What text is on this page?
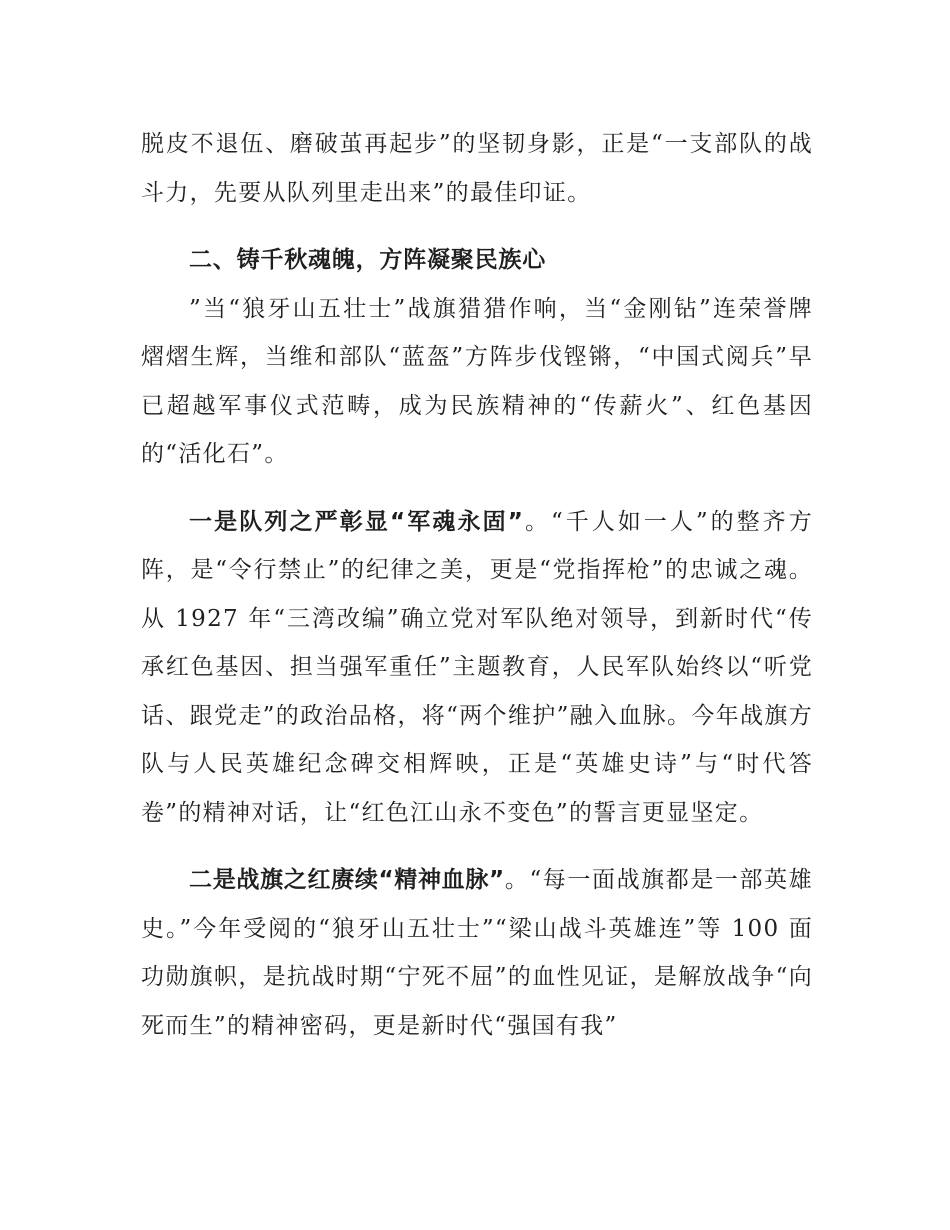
脱皮不退伍、磨破茧再起步”的坚韧身影，正是“一支部队的战斗力，先要从队列里走出来”的最佳印证。

二、铸千秋魂魄，方阵凝聚民族心

”当“狼牙山五壮士”战旗猎猎作响，当“金刚钻”连荣誉牌熠熠生辉，当维和部队“蓝盔”方阵步伐铿锵，“中国式阅兵”早已超越军事仪式范畴，成为民族精神的“传薪火”、红色基因的“活化石”。

一是队列之严彰显“军魂永固”。“千人如一人”的整齐方阵，是“令行禁止”的纪律之美，更是“党指挥枪”的忠诚之魂。从 1927 年“三湾改编”确立党对军队绝对领导，到新时代“传承红色基因、担当强军重任”主题教育，人民军队始终以“听党话、跟党走”的政治品格，将“两个维护”融入血脉。今年战旗方队与人民英雄纪念碑交相辉映，正是“英雄史诗”与“时代答卷”的精神对话，让“红色江山永不变色”的誓言更显坚定。

二是战旗之红赓续“精神血脉”。“每一面战旗都是一部英雄史。”今年受阅的“狼牙山五壮士”“梁山战斗英雄连”等 100 面功勋旗帜，是抗战时期“宁死不屈”的血性见证，是解放战争“向死而生”的精神密码，更是新时代“强国有我”
